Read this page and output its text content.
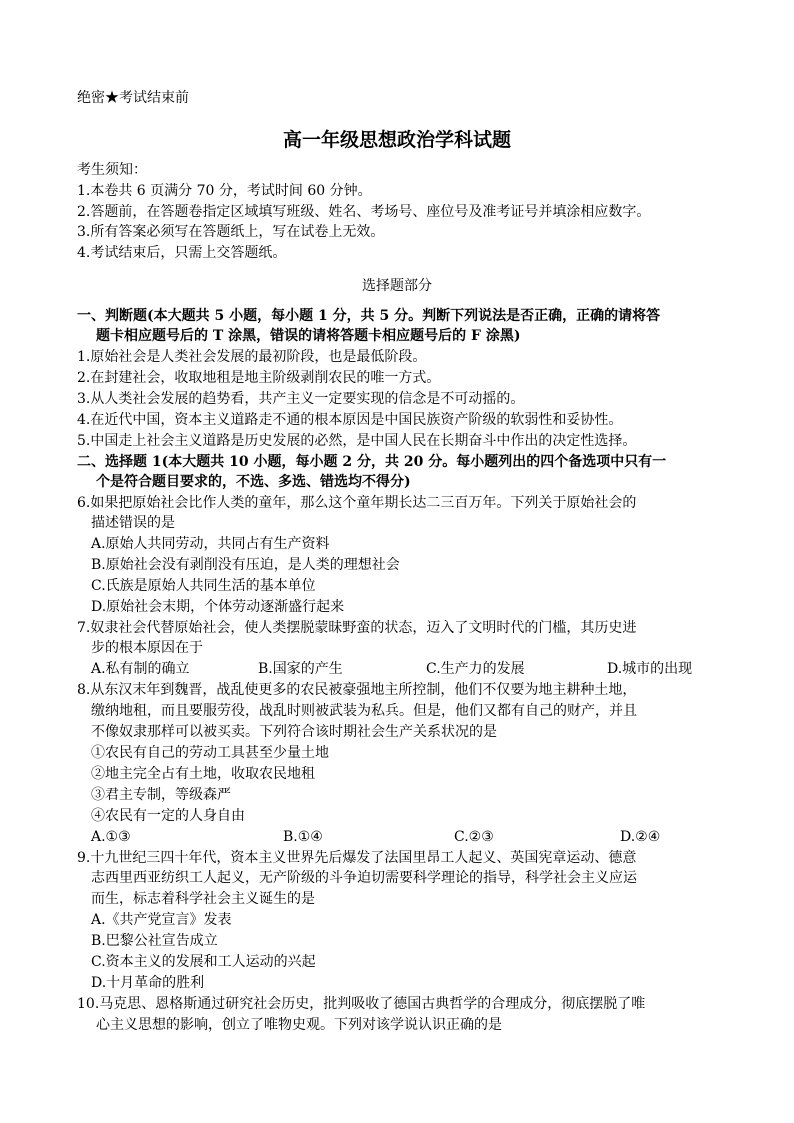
绝密★考试结束前
高一年级思想政治学科试题
考生须知：
1.本卷共 6 页满分 70 分，考试时间 60 分钟。
2.答题前，在答题卷指定区域填写班级、姓名、考场号、座位号及准考证号并填涂相应数字。
3.所有答案必须写在答题纸上，写在试卷上无效。
4.考试结束后，只需上交答题纸。
选择题部分
一、判断题(本大题共 5 小题，每小题 1 分，共 5 分。判断下列说法是否正确，正确的请将答
题卡相应题号后的 T 涂黑，错误的请将答题卡相应题号后的 F 涂黑)
1.原始社会是人类社会发展的最初阶段，也是最低阶段。
2.在封建社会，收取地租是地主阶级剥削农民的唯一方式。
3.从人类社会发展的趋势看，共产主义一定要实现的信念是不可动摇的。
4.在近代中国，资本主义道路走不通的根本原因是中国民族资产阶级的软弱性和妥协性。
5.中国走上社会主义道路是历史发展的必然，是中国人民在长期奋斗中作出的决定性选择。
二、选择题 1(本大题共 10 小题，每小题 2 分，共 20 分。每小题列出的四个备选项中只有一
个是符合题目要求的，不选、多选、错选均不得分)
6.如果把原始社会比作人类的童年，那么这个童年期长达二三百万年。下列关于原始社会的
描述错误的是
A.原始人共同劳动，共同占有生产资料
B.原始社会没有剥削没有压迫，是人类的理想社会
C.氏族是原始人共同生活的基本单位
D.原始社会末期，个体劳动逐渐盛行起来
7.奴隶社会代替原始社会，使人类摆脱蒙昧野蛮的状态，迈入了文明时代的门槛，其历史进
步的根本原因在于
A.私有制的确立	B.国家的产生	C.生产力的发展	D.城市的出现
8.从东汉末年到魏晋，战乱使更多的农民被豪强地主所控制，他们不仅要为地主耕种土地，
缴纳地租，而且要服劳役，战乱时则被武装为私兵。但是，他们又都有自己的财产，并且
不像奴隶那样可以被买卖。下列符合该时期社会生产关系状况的是
①农民有自己的劳动工具甚至少量土地
②地主完全占有土地，收取农民地租
③君主专制，等级森严
④农民有一定的人身自由
A.①③	B.①④	C.②③	D.②④
9.十九世纪三四十年代，资本主义世界先后爆发了法国里昂工人起义、英国宪章运动、德意
志西里西亚纺织工人起义，无产阶级的斗争迫切需要科学理论的指导，科学社会主义应运
而生，标志着科学社会主义诞生的是
A.《共产党宣言》发表
B.巴黎公社宣告成立
C.资本主义的发展和工人运动的兴起
D.十月革命的胜利
10.马克思、恩格斯通过研究社会历史，批判吸收了德国古典哲学的合理成分，彻底摆脱了唯
心主义思想的影响，创立了唯物史观。下列对该学说认识正确的是
